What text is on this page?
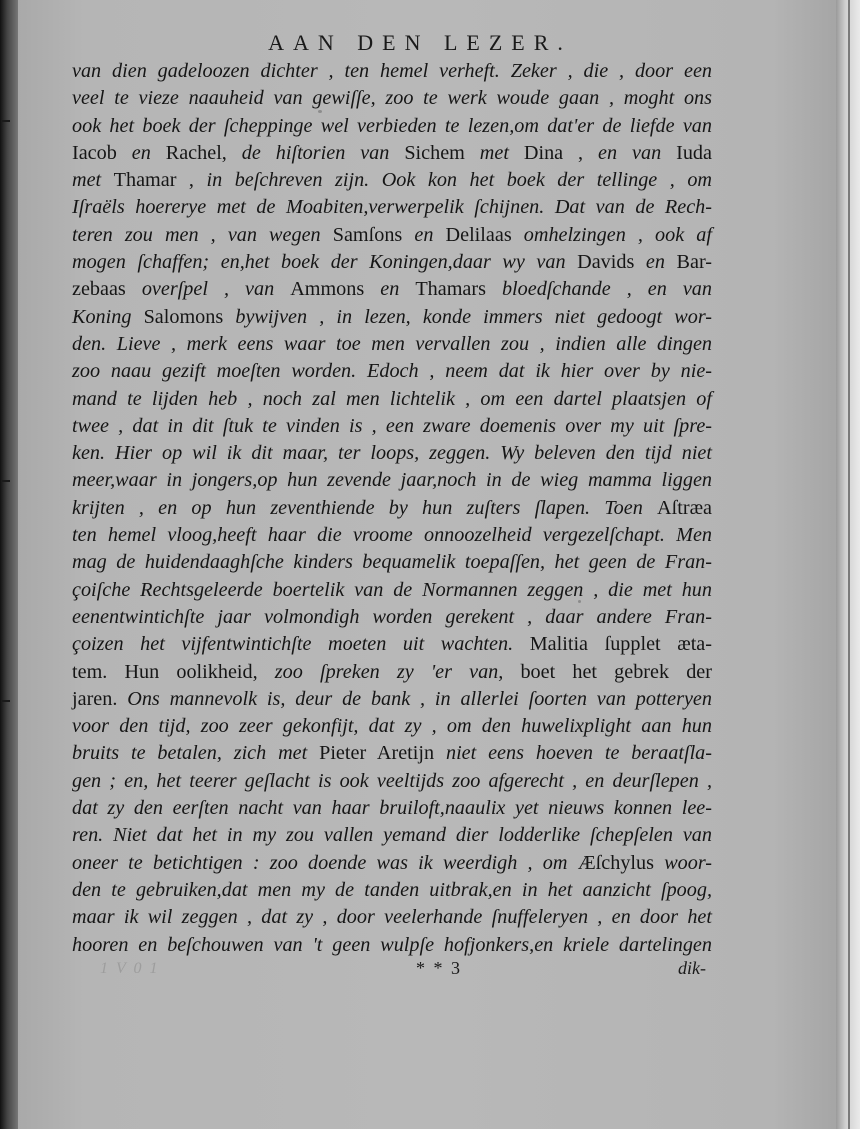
AAN DEN LEZER.
van dien gadeloozen dichter , ten hemel verheft. Zeker , die , door een
veel te vieze naauheid van gewiſſe, zoo te werk woude gaan , moght ons
ook het boek der ſcheppinge wel verbieden te lezen,om dat'er de liefde van
Iacob en Rachel, de hiſtorien van Sichem met Dina , en van Iuda
met Thamar , in beſchreven zijn. Ook kon het boek der tellinge , om
Iſraëls hoererye met de Moabiten,verwerpelik ſchijnen. Dat van de Rech-
teren zou men , van wegen Samſons en Delilaas omhelzingen , ook af
mogen ſchaffen; en,het boek der Koningen,daar wy van Davids en Bar-
zebaas overſpel , van Ammons en Thamars bloedſchande , en van
Koning Salomons bywijven , in lezen, konde immers niet gedoogt wor-
den. Lieve , merk eens waar toe men vervallen zou , indien alle dingen
zoo naau gezift moeſten worden. Edoch , neem dat ik hier over by nie-
mand te lijden heb , noch zal men lichtelik , om een dartel plaatsjen of
twee , dat in dit ſtuk te vinden is , een zware doemenis over my uit ſpre-
ken. Hier op wil ik dit maar, ter loops, zeggen. Wy beleven den tijd niet
meer,waar in jongers,op hun zevende jaar,noch in de wieg mamma liggen
krijten , en op hun zeventhiende by hun zuſters ſlapen. Toen Aſtræa
ten hemel vloog,heeft haar die vroome onnoozelheid vergezelſchapt. Men
mag de huidendaaghſche kinders bequamelik toepaſſen, het geen de Fran-
çoiſche Rechtsgeleerde boertelik van de Normannen zeggen , die met hun
eenentwintichſte jaar volmondigh worden gerekent , daar andere Fran-
çoizen het vijfentwintichſte moeten uit wachten. Malitia ſupplet æta-
tem. Hun oolikheid, zoo ſpreken zy 'er van, boet het gebrek der
jaren. Ons mannevolk is, deur de bank , in allerlei ſoorten van potteryen
voor den tijd, zoo zeer gekonfijt, dat zy , om den huwelixplight aan hun
bruits te betalen, zich met Pieter Aretijn niet eens hoeven te beraatſla-
gen ; en, het teerer geſlacht is ook veeltijds zoo afgerecht , en deurſlepen ,
dat zy den eerſten nacht van haar bruiloft,naaulix yet nieuws konnen lee-
ren. Niet dat het in my zou vallen yemand dier lodderlike ſchepſelen van
oneer te betichtigen : zoo doende was ik weerdigh , om Æſchylus woor-
den te gebruiken,dat men my de tanden uitbrak,en in het aanzicht ſpoog,
maar ik wil zeggen , dat zy , door veelerhande ſnuffeleryen , en door het
hooren en beſchouwen van 't geen wulpſe hofjonkers,en kriele dartelingen
1 V 0 1	* * 3	dik-
